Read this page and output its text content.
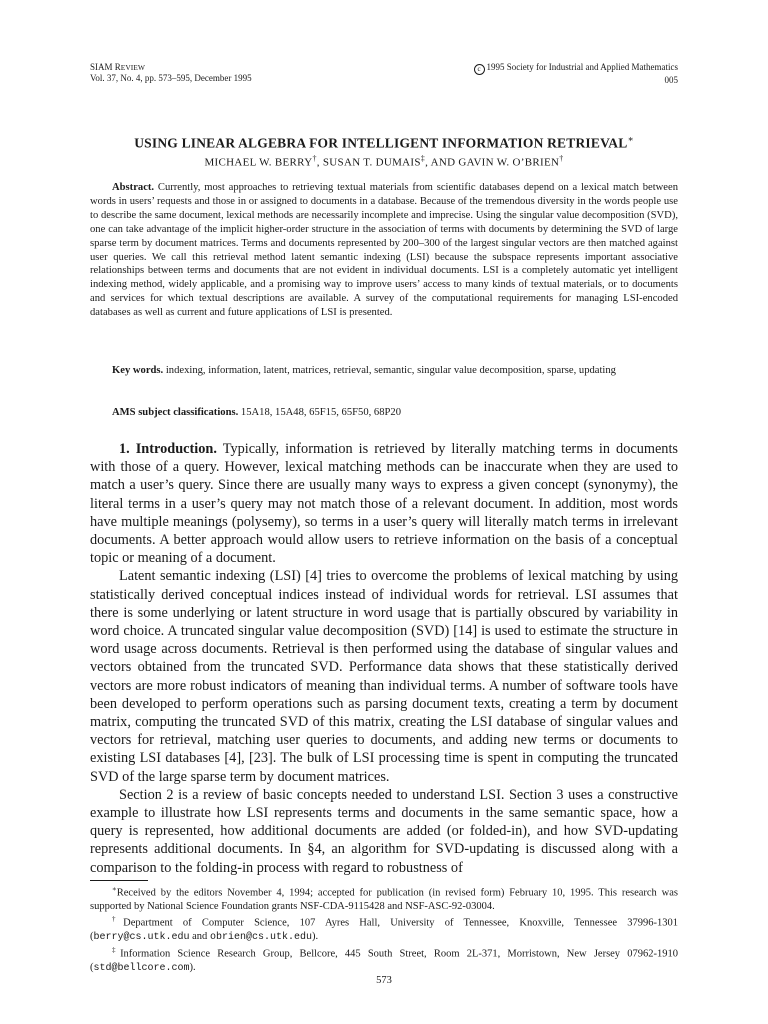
SIAM REVIEW
Vol. 37, No. 4, pp. 573–595, December 1995
c 1995 Society for Industrial and Applied Mathematics
005
USING LINEAR ALGEBRA FOR INTELLIGENT INFORMATION RETRIEVAL∗
MICHAEL W. BERRY†, SUSAN T. DUMAIS‡, AND GAVIN W. O’BRIEN†
Abstract. Currently, most approaches to retrieving textual materials from scientific databases depend on a lexical match between words in users’ requests and those in or assigned to documents in a database. Because of the tremendous diversity in the words people use to describe the same document, lexical methods are necessarily incomplete and imprecise. Using the singular value decomposition (SVD), one can take advantage of the implicit higher-order structure in the association of terms with documents by determining the SVD of large sparse term by document matrices. Terms and documents represented by 200–300 of the largest singular vectors are then matched against user queries. We call this retrieval method latent semantic indexing (LSI) because the subspace represents important associative relationships between terms and documents that are not evident in individual documents. LSI is a completely automatic yet intelligent indexing method, widely applicable, and a promising way to improve users’ access to many kinds of textual materials, or to documents and services for which textual descriptions are available. A survey of the computational requirements for managing LSI-encoded databases as well as current and future applications of LSI is presented.
Key words. indexing, information, latent, matrices, retrieval, semantic, singular value decomposition, sparse, updating
AMS subject classifications. 15A18, 15A48, 65F15, 65F50, 68P20

1. Introduction. Typically, information is retrieved by literally matching terms in documents with those of a query. However, lexical matching methods can be inaccurate when they are used to match a user’s query. Since there are usually many ways to express a given concept (synonymy), the literal terms in a user’s query may not match those of a relevant document. In addition, most words have multiple meanings (polysemy), so terms in a user’s query will literally match terms in irrelevant documents. A better approach would allow users to retrieve information on the basis of a conceptual topic or meaning of a document.

Latent semantic indexing (LSI) [4] tries to overcome the problems of lexical matching by using statistically derived conceptual indices instead of individual words for retrieval. LSI assumes that there is some underlying or latent structure in word usage that is partially obscured by variability in word choice. A truncated singular value decomposition (SVD) [14] is used to estimate the structure in word usage across documents. Retrieval is then performed using the database of singular values and vectors obtained from the truncated SVD. Performance data shows that these statistically derived vectors are more robust indicators of meaning than individual terms. A number of software tools have been developed to perform operations such as parsing document texts, creating a term by document matrix, computing the truncated SVD of this matrix, creating the LSI database of singular values and vectors for retrieval, matching user queries to documents, and adding new terms or documents to existing LSI databases [4], [23]. The bulk of LSI processing time is spent in computing the truncated SVD of the large sparse term by document matrices.

Section 2 is a review of basic concepts needed to understand LSI. Section 3 uses a constructive example to illustrate how LSI represents terms and documents in the same semantic space, how a query is represented, how additional documents are added (or folded-in), and how SVD-updating represents additional documents. In §4, an algorithm for SVD-updating is discussed along with a comparison to the folding-in process with regard to robustness of

∗Received by the editors November 4, 1994; accepted for publication (in revised form) February 10, 1995. This research was supported by National Science Foundation grants NSF-CDA-9115428 and NSF-ASC-92-03004.

†Department of Computer Science, 107 Ayres Hall, University of Tennessee, Knoxville, Tennessee 37996-1301 (berry@cs.utk.edu and obrien@cs.utk.edu).

‡Information Science Research Group, Bellcore, 445 South Street, Room 2L-371, Morristown, New Jersey 07962-1910 (std@bellcore.com).

573
